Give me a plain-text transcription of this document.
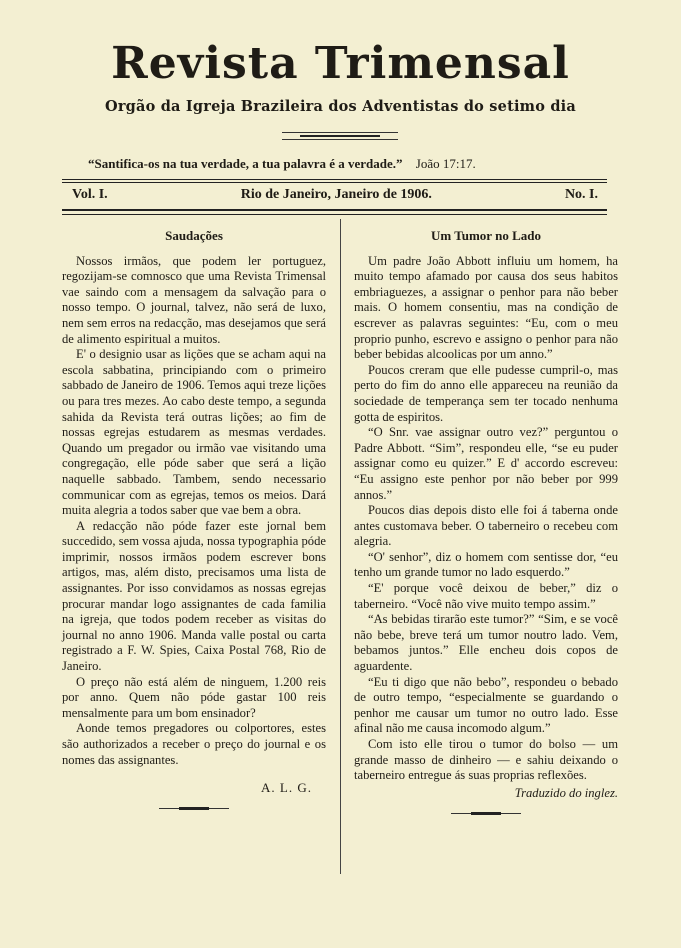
Revista Trimensal
Orgão da Igreja Brazileira dos Adventistas do setimo dia
“Santifica-os na tua verdade, a tua palavra é a verdade.” João 17:17.
Vol. I.	Rio de Janeiro, Janeiro de 1906.	No. I.
Saudações

Nossos irmãos, que podem ler portuguez, regozijam-se comnosco que uma Revista Trimensal vae saindo com a mensagem da salvação para o nosso tempo. O journal, talvez, não será de luxo, nem sem erros na redacção, mas desejamos que será de alimento espiritual a muitos.

E' o designio usar as lições que se acham aqui na escola sabbatina, principiando com o primeiro sabbado de Janeiro de 1906. Temos aqui treze lições ou para tres mezes. Ao cabo deste tempo, a segunda sahida da Revista terá outras lições; ao fim de nossas egrejas estudarem as mesmas verdades. Quando um pregador ou irmão vae visitando uma congregação, elle póde saber que será a lição naquelle sabbado. Tambem, sendo necessario communicar com as egrejas, temos os meios. Dará muita alegria a todos saber que vae bem a obra.

A redacção não póde fazer este jornal bem succedido, sem vossa ajuda, nossa typographia póde imprimir, nossos irmãos podem escrever bons artigos, mas, além disto, precisamos uma lista de assignantes. Por isso convidamos as nossas egrejas procurar mandar logo assignantes de cada familia na igreja, que todos podem receber as visitas do journal no anno 1906. Manda valle postal ou carta registrado a F. W. Spies, Caixa Postal 768, Rio de Janeiro.

O preço não está além de ninguem, 1.200 reis por anno. Quem não póde gastar 100 reis mensalmente para um bom ensinador?

Aonde temos pregadores ou colportores, estes são authorizados a receber o preço do journal e os nomes das assignantes.

A. L. G.
Um Tumor no Lado

Um padre João Abbott influiu um homem, ha muito tempo afamado por causa dos seus habitos embriaguezes, a assignar o penhor para não beber mais. O homem consentiu, mas na condição de escrever as palavras seguintes: “Eu, com o meu proprio punho, escrevo e assigno o penhor para não beber bebidas alcoolicas por um anno.”

Poucos creram que elle pudesse cumpril-o, mas perto do fim do anno elle appareceu na reunião da sociedade de temperança sem ter tocado nenhuma gotta de espiritos.

“O Snr. vae assignar outro vez?” perguntou o Padre Abbott. “Sim”, respondeu elle, “se eu puder assignar como eu quizer.” E d' accordo escreveu: “Eu assigno este penhor por não beber por 999 annos.”

Poucos dias depois disto elle foi á taberna onde antes customava beber. O taberneiro o recebeu com alegria.

“O' senhor”, diz o homem com sentisse dor, “eu tenho um grande tumor no lado esquerdo.”

“E' porque você deixou de beber,” diz o taberneiro. “Você não vive muito tempo assim.”

“As bebidas tirarão este tumor?” “Sim, e se você não bebe, breve terá um tumor noutro lado. Vem, bebamos juntos.” Elle encheu dois copos de aguardente.

“Eu ti digo que não bebo”, respondeu o bebado de outro tempo, “especialmente se guardando o penhor me causar um tumor no outro lado. Esse afinal não me causa incomodo algum.”

Com isto elle tirou o tumor do bolso — um grande masso de dinheiro — e sahiu deixando o taberneiro entregue ás suas proprias reflexões.

Traduzido do inglez.
